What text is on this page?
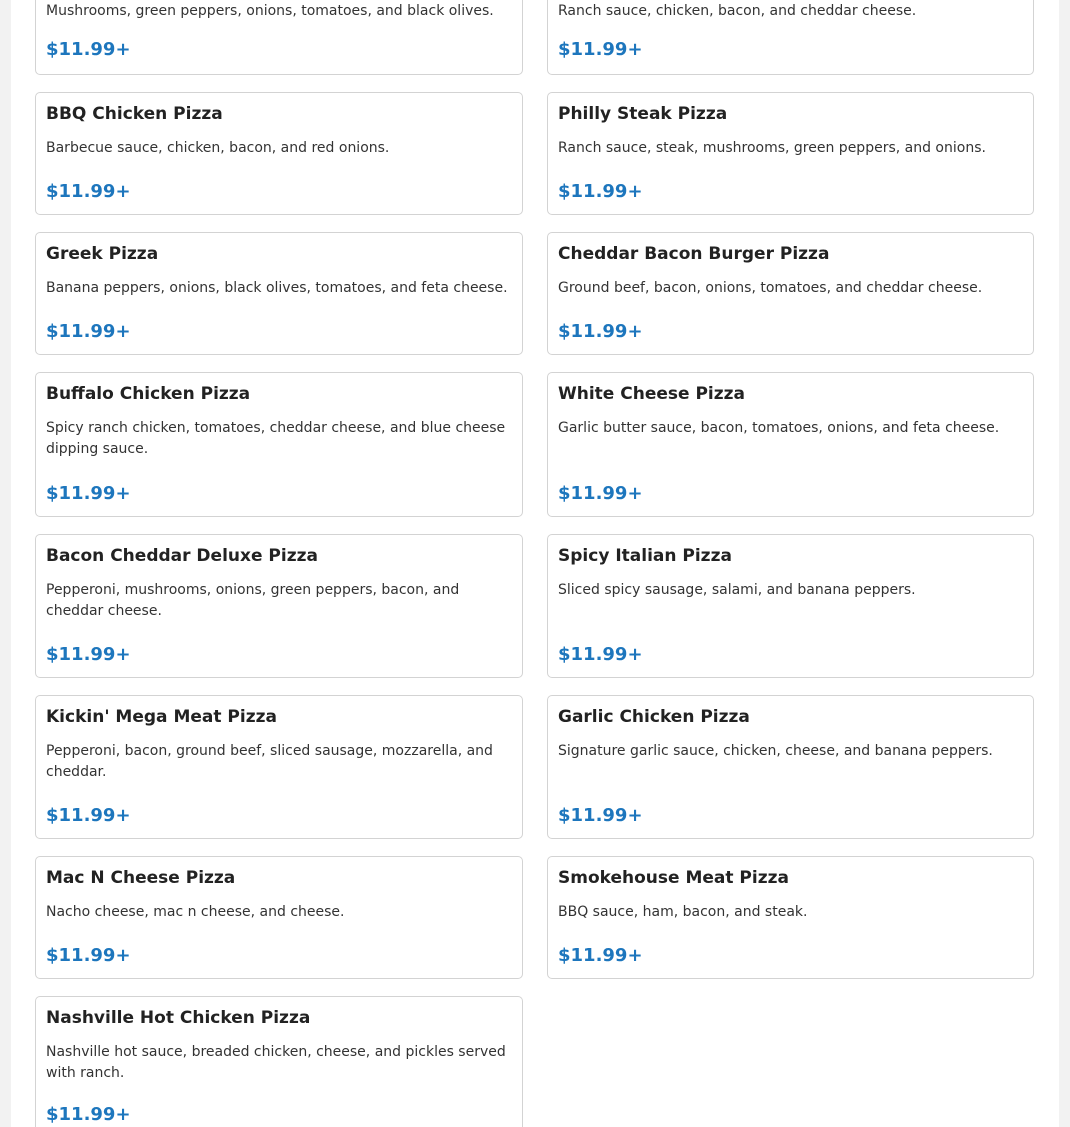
Mushrooms, green peppers, onions, tomatoes, and black olives.

$11.99+

Ranch sauce, chicken, bacon, and cheddar cheese.

$11.99+
BBQ Chicken Pizza

Barbecue sauce, chicken, bacon, and red onions.

$11.99+
Philly Steak Pizza

Ranch sauce, steak, mushrooms, green peppers, and onions.

$11.99+
Greek Pizza

Banana peppers, onions, black olives, tomatoes, and feta cheese.

$11.99+
Cheddar Bacon Burger Pizza

Ground beef, bacon, onions, tomatoes, and cheddar cheese.

$11.99+
Buffalo Chicken Pizza

Spicy ranch chicken, tomatoes, cheddar cheese, and blue cheese dipping sauce.

$11.99+
White Cheese Pizza

Garlic butter sauce, bacon, tomatoes, onions, and feta cheese.

$11.99+
Bacon Cheddar Deluxe Pizza

Pepperoni, mushrooms, onions, green peppers, bacon, and cheddar cheese.

$11.99+
Spicy Italian Pizza

Sliced spicy sausage, salami, and banana peppers.

$11.99+
Kickin' Mega Meat Pizza

Pepperoni, bacon, ground beef, sliced sausage, mozzarella, and cheddar.

$11.99+
Garlic Chicken Pizza

Signature garlic sauce, chicken, cheese, and banana peppers.

$11.99+
Mac N Cheese Pizza

Nacho cheese, mac n cheese, and cheese.

$11.99+
Smokehouse Meat Pizza

BBQ sauce, ham, bacon, and steak.

$11.99+
Nashville Hot Chicken Pizza

Nashville hot sauce, breaded chicken, cheese, and pickles served with ranch.

$11.99+
